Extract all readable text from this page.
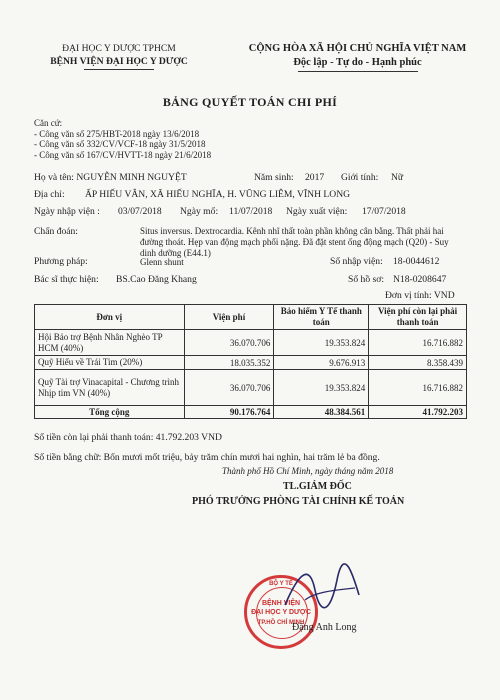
ĐẠI HỌC Y DƯỢC TPHCM
BỆNH VIỆN ĐẠI HỌC Y DƯỢC
CỘNG HÒA XÃ HỘI CHỦ NGHĨA VIỆT NAM
Độc lập - Tự do - Hạnh phúc
BẢNG QUYẾT TOÁN CHI PHÍ
Căn cứ:
- Công văn số 275/HBT-2018 ngày 13/6/2018
- Công văn số 332/CV/VCF-18 ngày 31/5/2018
- Công văn số 167/CV/HVTT-18 ngày 21/6/2018
Họ và tên: NGUYỄN MINH NGUYỆT	Năm sinh: 2017 Giới tính: Nữ
Địa chỉ: ẤP HIẾU VÂN, XÃ HIẾU NGHĨA, H. VŨNG LIÊM, VĨNH LONG
Ngày nhập viện : 03/07/2018 Ngày mổ: 11/07/2018 Ngày xuất viện: 17/07/2018
Chẩn đoán:	Situs inversus. Dextrocardia. Kênh nhĩ thất toàn phần không cân bằng. Thất phải hai đường thoát. Hẹp van động mạch phổi nặng. Đã đặt stent ống động mạch (Q20) - Suy dinh dưỡng (E44.1)
Phương pháp:	Glenn shunt	Số nhập viện: 18-0044612
Bác sĩ thực hiện: BS.Cao Đăng Khang	Số hồ sơ: N18-0208647
Đơn vị tính: VND
Đơn vị	Viện phí	Bảo hiểm Y Tế thanh toán	Viện phí còn lại phải thanh toán
Hội Bảo trợ Bệnh Nhân Nghèo TP HCM (40%)	36.070.706	19.353.824	16.716.882
Quỹ Hiểu về Trái Tim (20%)	18.035.352	9.676.913	8.358.439
Quỹ Tài trợ Vinacapital - Chương trình Nhịp tim VN (40%)	36.070.706	19.353.824	16.716.882
Tổng cộng	90.176.764	48.384.561	41.792.203
Số tiền còn lại phải thanh toán: 41.792.203 VND
Số tiền bằng chữ: Bốn mươi mốt triệu, bảy trăm chín mươi hai nghìn, hai trăm lẻ ba đồng.
Thành phố Hồ Chí Minh, ngày tháng năm 2018
TL.GIÁM ĐỐC
PHÓ TRƯỞNG PHÒNG TÀI CHÍNH KẾ TOÁN
BỘ Y TẾ
BỆNH VIỆN
ĐẠI HỌC Y DƯỢC
TP.HỒ CHÍ MINH
Đặng Anh Long
